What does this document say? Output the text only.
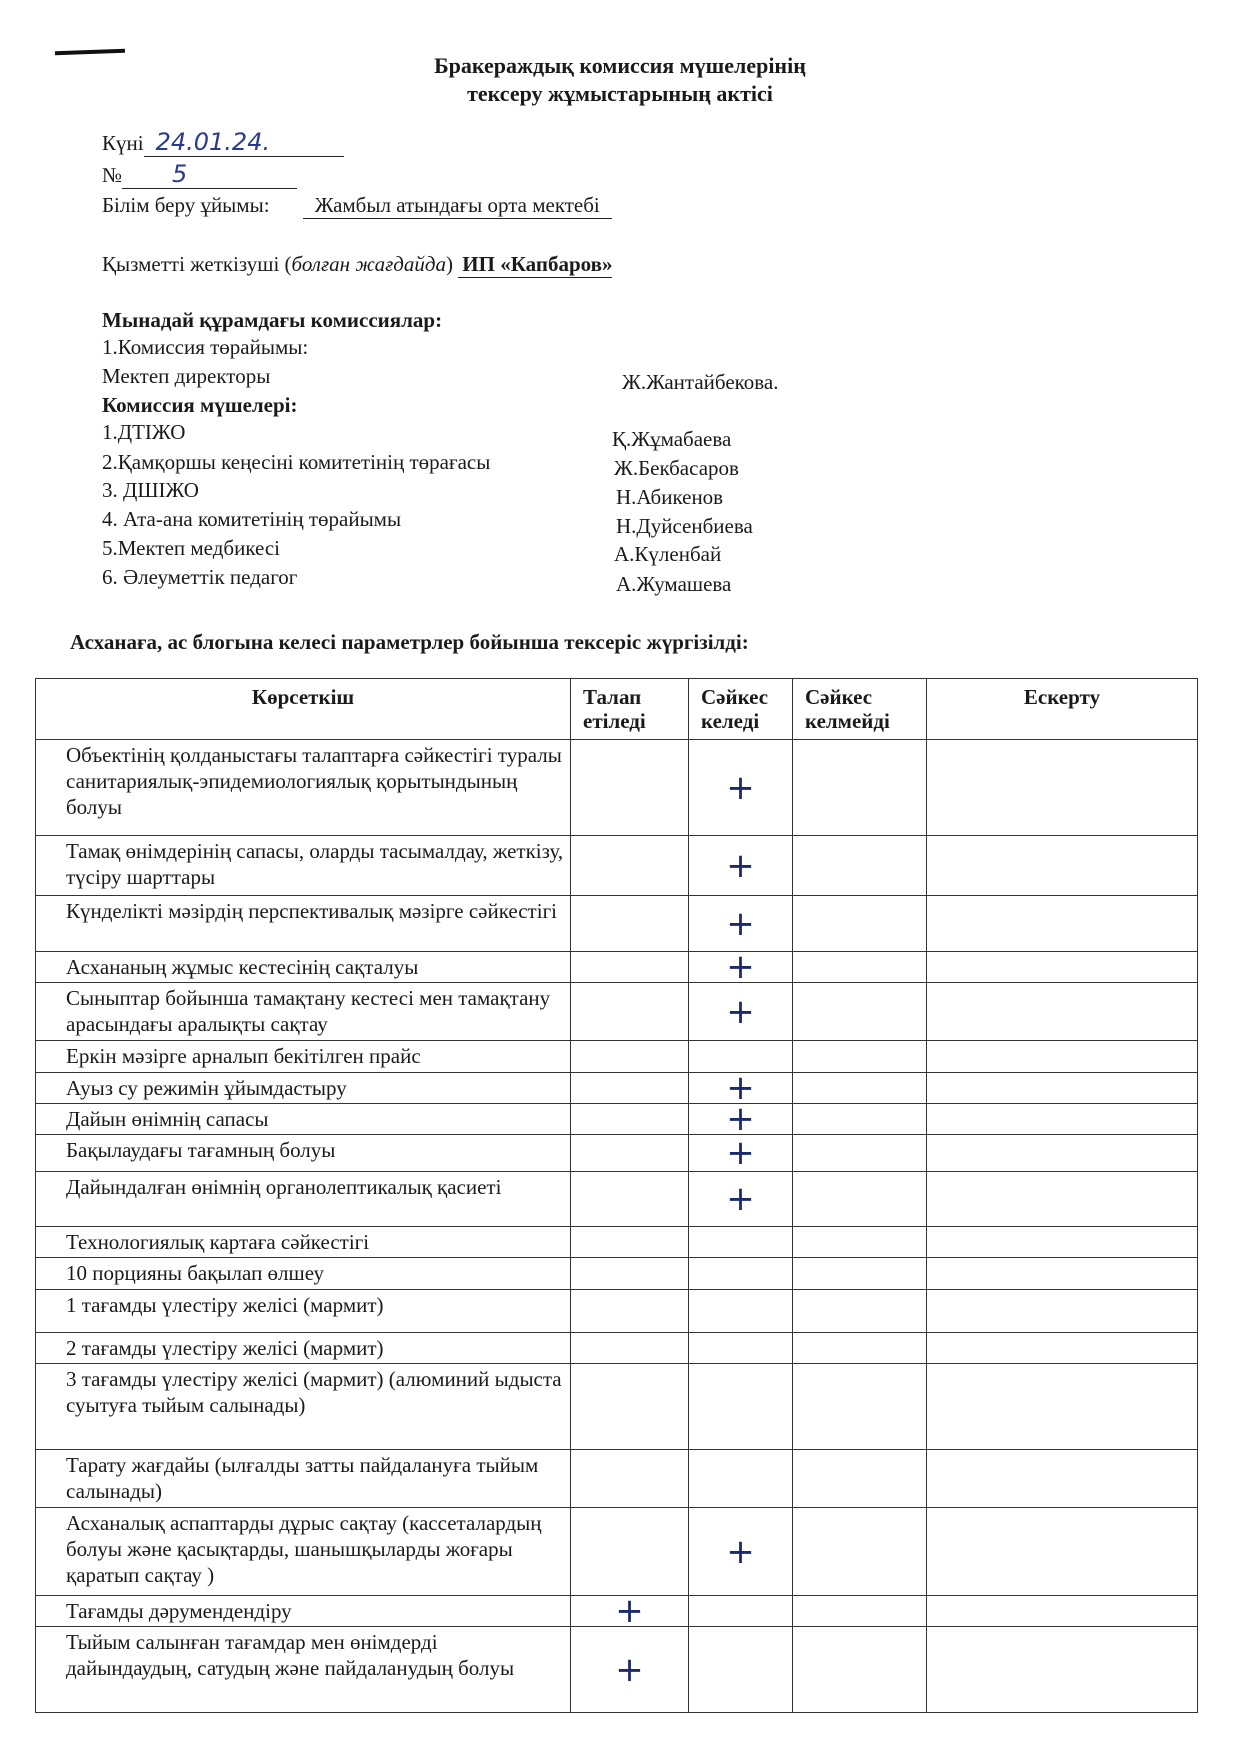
Бракераждық комиссия мүшелерінің
тексеру жұмыстарының актісі
Күні 24.01.24.
№ 5
Білім беру ұйымы: Жамбыл атындағы орта мектебі
Қызметті жеткізуші (болған жағдайда) ИП «Капбаров»
Мынадай құрамдағы комиссиялар:
1.Комиссия төрайымы:
Мектеп директоры	Ж.Жантайбекова.
Комиссия мүшелері:
1.ДТІЖО	Қ.Жұмабаева
2.Қамқоршы кеңесіні комитетінің төрағасы	Ж.Бекбасаров
3. ДШІЖО	Н.Абикенов
4. Ата-ана комитетінің төрайымы	Н.Дуйсенбиева
5.Мектеп медбикесі	А.Күленбай
6. Әлеуметтік педагог	А.Жумашева
Асханаға, ас блогына келесі параметрлер бойынша тексеріс жүргізілді:
Көрсеткіш	Талап етіледі	Сәйкес келеді	Сәйкес келмейді	Ескерту
Объектінің қолданыстағы талаптарға сәйкестігі туралы санитариялық-эпидемиологиялық қорытындының болуы		+		
Тамақ өнімдерінің сапасы, оларды тасымалдау, жеткізу, түсіру шарттары		+		
Күнделікті мәзірдің перспективалық мәзірге сәйкестігі		+		
Асхананың жұмыс кестесінің сақталуы		+		
Сыныптар бойынша тамақтану кестесі мен тамақтану арасындағы аралықты сақтау		+		
Еркін мәзірге арналып бекітілген прайс				
Ауыз су режимін ұйымдастыру		+		
Дайын өнімнің сапасы		+		
Бақылаудағы тағамның болуы		+		
Дайындалған өнімнің органолептикалық қасиеті		+		
Технологиялық картаға сәйкестігі				
10 порцияны бақылап өлшеу				
1 тағамды үлестіру желісі (мармит)				
2 тағамды үлестіру желісі (мармит)				
3 тағамды үлестіру желісі (мармит) (алюминий ыдыста суытуға тыйым салынады)				
Тарату жағдайы (ылғалды затты пайдалануға тыйым салынады)				
Асханалық аспаптарды дұрыс сақтау (кассеталардың болуы және қасықтарды, шанышқыларды жоғары қаратып сақтау )		+		
Тағамды дәрумендендіру	+			
Тыйым салынған тағамдар мен өнімдерді дайындаудың, сатудың және пайдаланудың болуы	+			
